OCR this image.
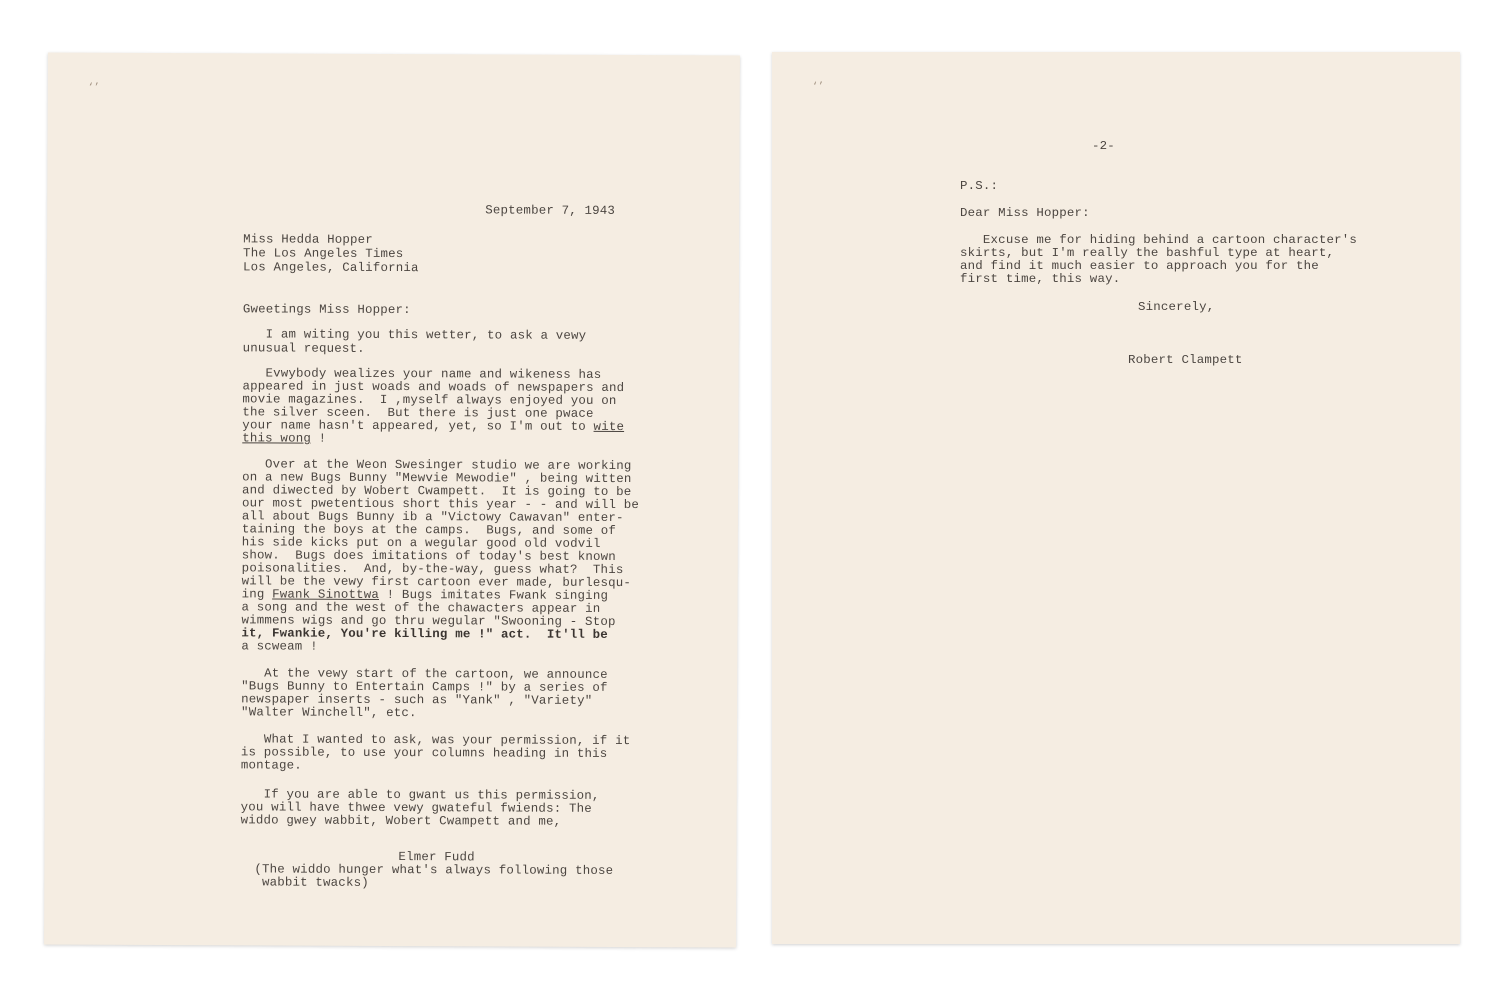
‘’
September 7, 1943
Miss Hedda Hopper
The Los Angeles Times
Los Angeles, California
Gweetings Miss Hopper:
I am witing you this wetter, to ask a vewy
unusual request.
Evwybody wealizes your name and wikeness has
appeared in just woads and woads of newspapers and
movie magazines.  I ,myself always enjoyed you on
the silver sceen.  But there is just one pwace
your name hasn't appeared, yet, so I'm out to wite
this wong !
Over at the Weon Swesinger studio we are working
on a new Bugs Bunny "Mewvie Mewodie" , being witten
and diwected by Wobert Cwampett.  It is going to be
our most pwetentious short this year - - and will be
all about Bugs Bunny ib a "Victowy Cawavan" enter-
taining the boys at the camps.  Bugs, and some of
his side kicks put on a wegular good old vodvil
show.  Bugs does imitations of today's best known
poisonalities.  And, by-the-way, guess what?  This
will be the vewy first cartoon ever made, burlesqu-
ing Fwank Sinottwa ! Bugs imitates Fwank singing
a song and the west of the chawacters appear in
wimmens wigs and go thru wegular "Swooning - Stop
it, Fwankie, You're killing me !" act.  It'll be
a scweam !
At the vewy start of the cartoon, we announce
"Bugs Bunny to Entertain Camps !" by a series of
newspaper inserts - such as "Yank" , "Variety"
"Walter Winchell", etc.
What I wanted to ask, was your permission, if it
is possible, to use your columns heading in this
montage.
If you are able to gwant us this permission,
you will have thwee vewy gwateful fwiends: The
widdo gwey wabbit, Wobert Cwampett and me,
Elmer Fudd
(The widdo hunger what's always following those
wabbit twacks)
‘’
-2-
P.S.:
Dear Miss Hopper:
Excuse me for hiding behind a cartoon character's
skirts, but I'm really the bashful type at heart,
and find it much easier to approach you for the
first time, this way.
Sincerely,
Robert Clampett
